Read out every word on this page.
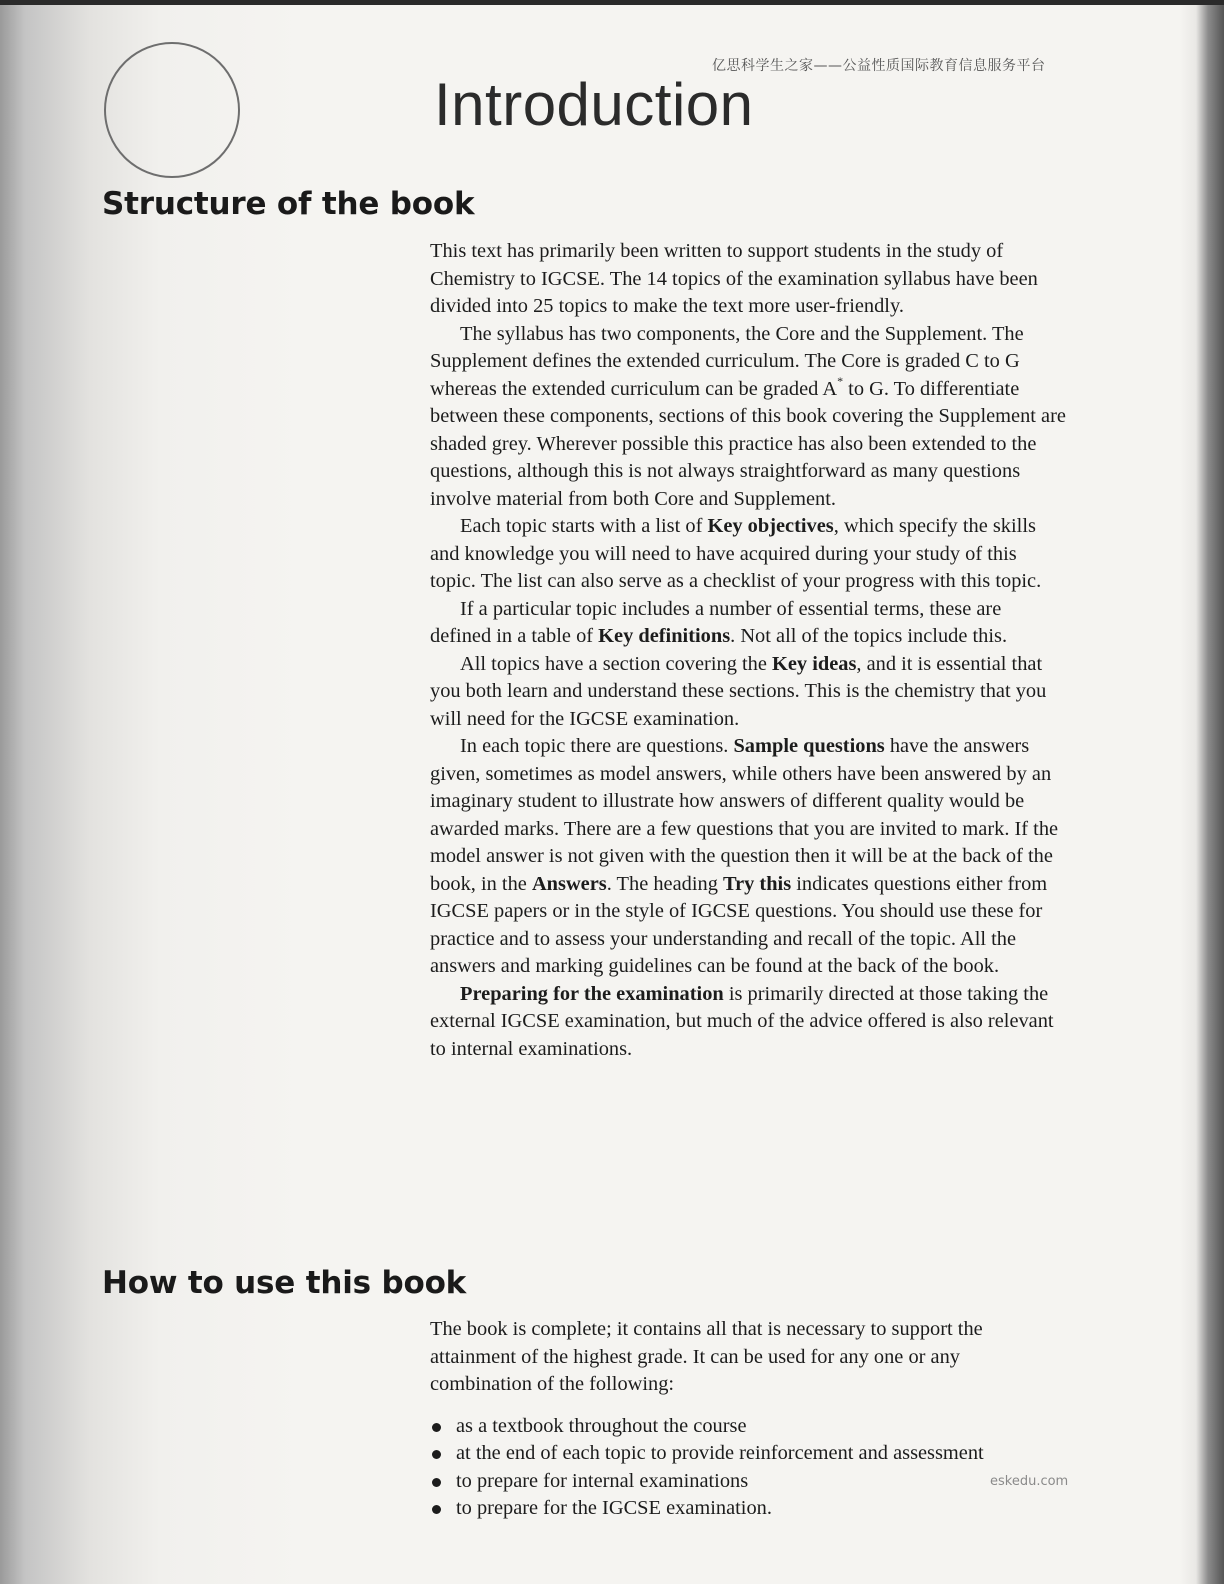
亿思科学生之家——公益性质国际教育信息服务平台
Introduction
Structure of the book

This text has primarily been written to support students in the study of Chemistry to IGCSE. The 14 topics of the examination syllabus have been divided into 25 topics to make the text more user-friendly.

The syllabus has two components, the Core and the Supplement. The Supplement defines the extended curriculum. The Core is graded C to G whereas the extended curriculum can be graded A* to G. To differentiate between these components, sections of this book covering the Supplement are shaded grey. Wherever possible this practice has also been extended to the questions, although this is not always straightforward as many questions involve material from both Core and Supplement.

Each topic starts with a list of Key objectives, which specify the skills and knowledge you will need to have acquired during your study of this topic. The list can also serve as a checklist of your progress with this topic.

If a particular topic includes a number of essential terms, these are defined in a table of Key definitions. Not all of the topics include this.

All topics have a section covering the Key ideas, and it is essential that you both learn and understand these sections. This is the chemistry that you will need for the IGCSE examination.

In each topic there are questions. Sample questions have the answers given, sometimes as model answers, while others have been answered by an imaginary student to illustrate how answers of different quality would be awarded marks. There are a few questions that you are invited to mark. If the model answer is not given with the question then it will be at the back of the book, in the Answers. The heading Try this indicates questions either from IGCSE papers or in the style of IGCSE questions. You should use these for practice and to assess your understanding and recall of the topic. All the answers and marking guidelines can be found at the back of the book.

Preparing for the examination is primarily directed at those taking the external IGCSE examination, but much of the advice offered is also relevant to internal examinations.

How to use this book

The book is complete; it contains all that is necessary to support the attainment of the highest grade. It can be used for any one or any combination of the following:

as a textbook throughout the course
at the end of each topic to provide reinforcement and assessment
to prepare for internal examinations
to prepare for the IGCSE examination.
eskedu.com
